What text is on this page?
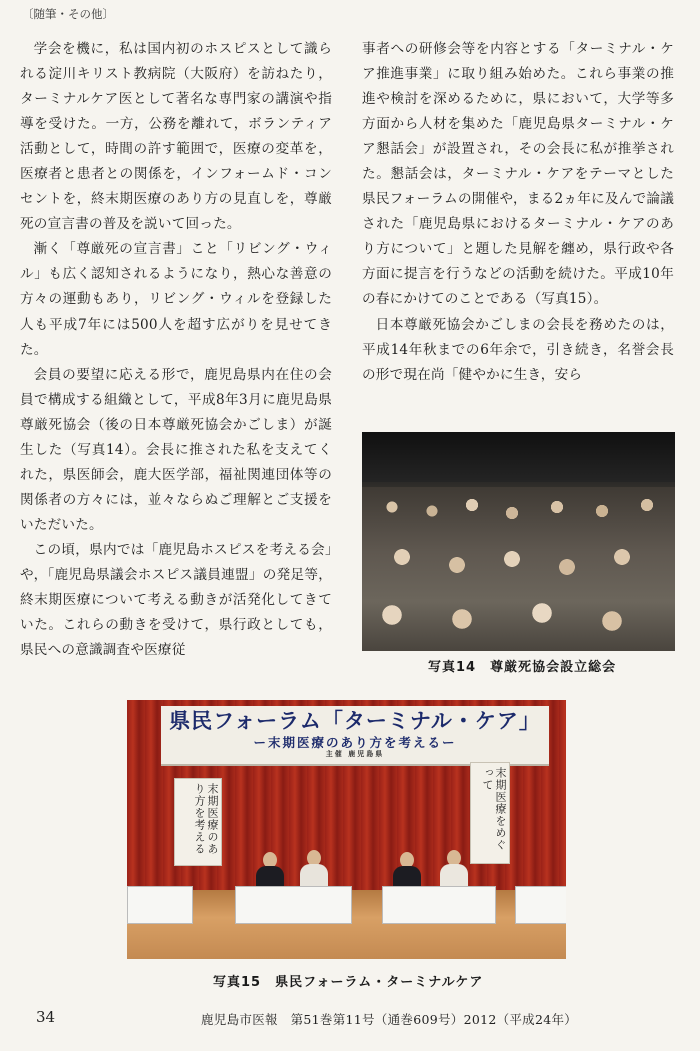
〔随筆・その他〕

学会を機に，私は国内初のホスピスとして識られる淀川キリスト教病院（大阪府）を訪ねたり，ターミナルケア医として著名な専門家の講演や指導を受けた。一方，公務を離れて，ボランティア活動として，時間の許す範囲で，医療の変革を，医療者と患者との関係を，インフォームド・コンセントを，終末期医療のあり方の見直しを，尊厳死の宣言書の普及を説いて回った。

漸く「尊厳死の宣言書」こと「リビング・ウィル」も広く認知されるようになり，熱心な善意の方々の運動もあり，リビング・ウィルを登録した人も平成7年には500人を超す広がりを見せてきた。

会員の要望に応える形で，鹿児島県内在住の会員で構成する組織として，平成8年3月に鹿児島県尊厳死協会（後の日本尊厳死協会かごしま）が誕生した（写真14）。会長に推された私を支えてくれた，県医師会，鹿大医学部，福祉関連団体等の関係者の方々には，並々ならぬご理解とご支援をいただいた。

この頃，県内では「鹿児島ホスピスを考える会」や，「鹿児島県議会ホスピス議員連盟」の発足等，終末期医療について考える動きが活発化してきていた。これらの動きを受けて，県行政としても，県民への意識調査や医療従

事者への研修会等を内容とする「ターミナル・ケア推進事業」に取り組み始めた。これら事業の推進や検討を深めるために，県において，大学等多方面から人材を集めた「鹿児島県ターミナル・ケア懇話会」が設置され，その会長に私が推挙された。懇話会は，ターミナル・ケアをテーマとした県民フォーラムの開催や，まる2ヵ年に及んで論議された「鹿児島県におけるターミナル・ケアのあり方について」と題した見解を纏め，県行政や各方面に提言を行うなどの活動を続けた。平成10年の春にかけてのことである（写真15）。

日本尊厳死協会かごしまの会長を務めたのは，平成14年秋までの6年余で，引き続き，名誉会長の形で現在尚「健やかに生き，安ら

写真14　尊厳死協会設立総会
県民フォーラム「ターミナル・ケア」
ー末期医療のあり方を考えるー
主催 鹿児島県
末期医療のあり方を考える	末期医療をめぐって
写真15　県民フォーラム・ターミナルケア
34	鹿児島市医報　第51巻第11号（通巻609号）2012（平成24年）
